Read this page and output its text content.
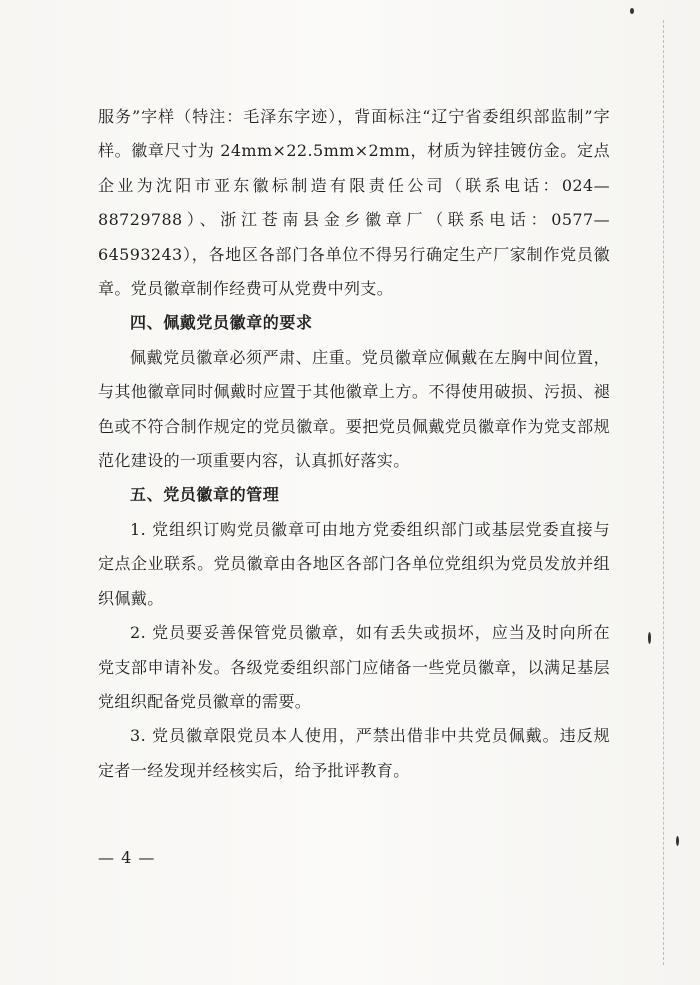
服务”字样（特注：毛泽东字迹），背面标注“辽宁省委组织部监制”字样。徽章尺寸为 24mm×22.5mm×2mm，材质为锌挂镀仿金。定点企业为沈阳市亚东徽标制造有限责任公司（联系电话：024—88729788）、浙江苍南县金乡徽章厂（联系电话：0577—64593243），各地区各部门各单位不得另行确定生产厂家制作党员徽章。党员徽章制作经费可从党费中列支。

四、佩戴党员徽章的要求

佩戴党员徽章必须严肃、庄重。党员徽章应佩戴在左胸中间位置，与其他徽章同时佩戴时应置于其他徽章上方。不得使用破损、污损、褪色或不符合制作规定的党员徽章。要把党员佩戴党员徽章作为党支部规范化建设的一项重要内容，认真抓好落实。

五、党员徽章的管理

1. 党组织订购党员徽章可由地方党委组织部门或基层党委直接与定点企业联系。党员徽章由各地区各部门各单位党组织为党员发放并组织佩戴。

2. 党员要妥善保管党员徽章，如有丢失或损坏，应当及时向所在党支部申请补发。各级党委组织部门应储备一些党员徽章，以满足基层党组织配备党员徽章的需要。

3. 党员徽章限党员本人使用，严禁出借非中共党员佩戴。违反规定者一经发现并经核实后，给予批评教育。

— 4 —
